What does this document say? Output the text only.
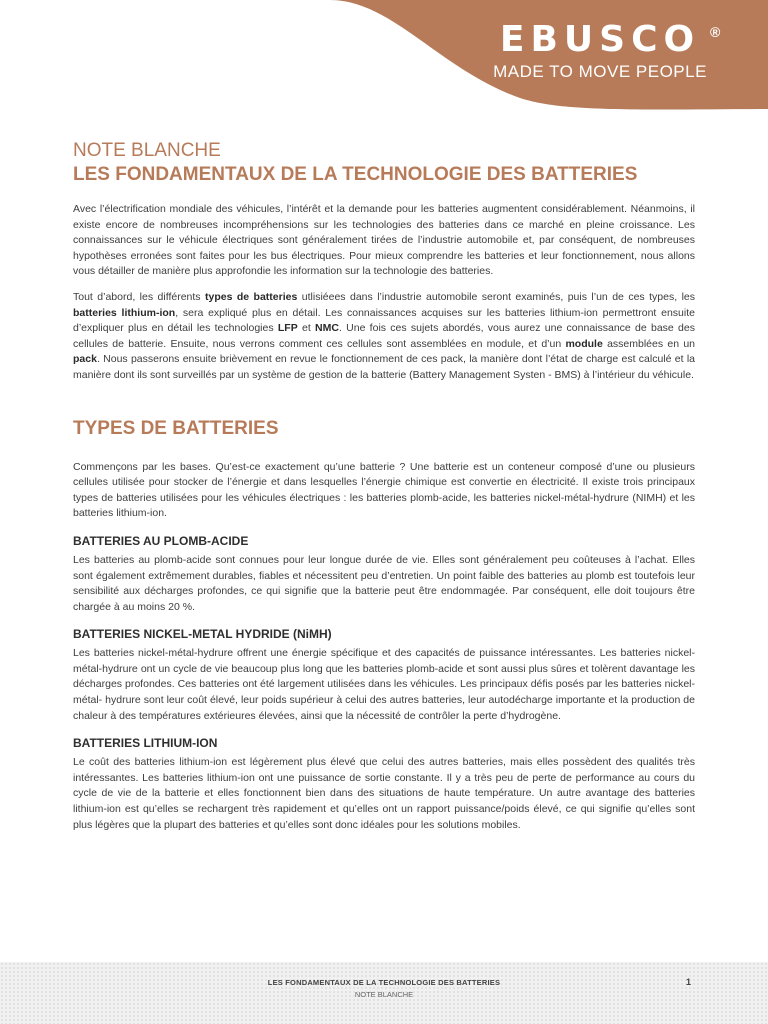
EBUSCO ®
MADE TO MOVE PEOPLE
NOTE BLANCHE
LES FONDAMENTAUX DE LA TECHNOLOGIE DES BATTERIES

Avec l’électrification mondiale des véhicules, l’intérêt et la demande pour les batteries augmentent considérablement. Néanmoins, il existe encore de nombreuses incompréhensions sur les technologies des batteries dans ce marché en pleine croissance. Les connaissances sur le véhicule électriques sont généralement tirées de l’industrie automobile et, par conséquent, de nombreuses hypothèses erronées sont faites pour les bus électriques. Pour mieux comprendre les batteries et leur fonctionnement, nous allons vous détailler de manière plus approfondie les information sur la technologie des batteries.

Tout d’abord, les différents types de batteries utlisiéees dans l’industrie automobile seront examinés, puis l’un de ces types, les batteries lithium-ion, sera expliqué plus en détail. Les connaissances acquises sur les batteries lithium-ion permettront ensuite d’expliquer plus en détail les technologies LFP et NMC. Une fois ces sujets abordés, vous aurez une connaissance de base des cellules de batterie. Ensuite, nous verrons comment ces cellules sont assemblées en module, et d’un module assemblées en un pack. Nous passerons ensuite brièvement en revue le fonctionnement de ces pack, la manière dont l’état de charge est calculé et la manière dont ils sont surveillés par un système de gestion de la batterie (Battery Management Systen - BMS) à l’intérieur du véhicule.

TYPES DE BATTERIES

Commençons par les bases. Qu’est-ce exactement qu’une batterie ? Une batterie est un conteneur composé d’une ou plusieurs cellules utilisée pour stocker de l’énergie et dans lesquelles l’énergie chimique est convertie en électricité. Il existe trois principaux types de batteries utilisées pour les véhicules électriques : les batteries plomb-acide, les batteries nickel-métal-hydrure (NIMH) et les batteries lithium-ion.

BATTERIES AU PLOMB-ACIDE

Les batteries au plomb-acide sont connues pour leur longue durée de vie. Elles sont généralement peu coûteuses à l’achat. Elles sont également extrêmement durables, fiables et nécessitent peu d’entretien. Un point faible des batteries au plomb est toutefois leur sensibilité aux décharges profondes, ce qui signifie que la batterie peut être endommagée. Par conséquent, elle doit toujours être chargée à au moins 20 %.

BATTERIES NICKEL-METAL HYDRIDE (NiMH)

Les batteries nickel-métal-hydrure offrent une énergie spécifique et des capacités de puissance intéressantes. Les batteries nickel-métal-hydrure ont un cycle de vie beaucoup plus long que les batteries plomb-acide et sont aussi plus sûres et tolèrent davantage les décharges profondes. Ces batteries ont été largement utilisées dans les véhicules. Les principaux défis posés par les batteries nickel-métal- hydrure sont leur coût élevé, leur poids supérieur à celui des autres batteries, leur autodécharge importante et la production de chaleur à des températures extérieures élevées, ainsi que la nécessité de contrôler la perte d’hydrogène.

BATTERIES LITHIUM-ION

Le coût des batteries lithium-ion est légèrement plus élevé que celui des autres batteries, mais elles possèdent des qualités très intéressantes. Les batteries lithium-ion ont une puissance de sortie constante. Il y a très peu de perte de performance au cours du cycle de vie de la batterie et elles fonctionnent bien dans des situations de haute température. Un autre avantage des batteries lithium-ion est qu’elles se rechargent très rapidement et qu’elles ont un rapport puissance/poids élevé, ce qui signifie qu’elles sont plus légères que la plupart des batteries et qu’elles sont donc idéales pour les solutions mobiles.

LES FONDAMENTAUX DE LA TECHNOLOGIE DES BATTERIES
NOTE BLANCHE
1
